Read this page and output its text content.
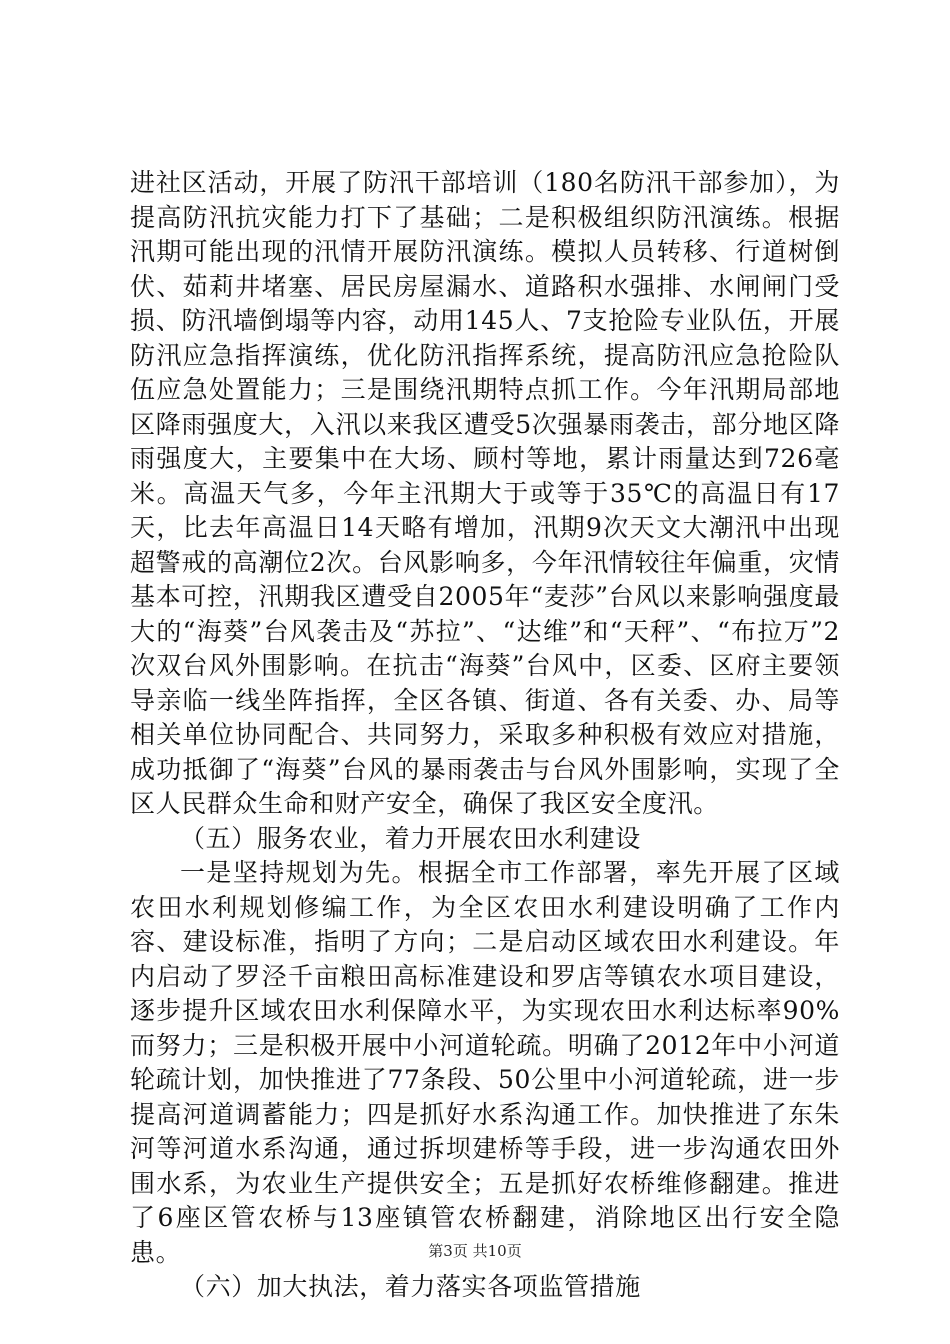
进社区活动，开展了防汛干部培训（180名防汛干部参加），为提高防汛抗灾能力打下了基础；二是积极组织防汛演练。根据汛期可能出现的汛情开展防汛演练。模拟人员转移、行道树倒伏、茹莉井堵塞、居民房屋漏水、道路积水强排、水闸闸门受损、防汛墙倒塌等内容，动用145人、7支抢险专业队伍，开展防汛应急指挥演练，优化防汛指挥系统，提高防汛应急抢险队伍应急处置能力；三是围绕汛期特点抓工作。今年汛期局部地区降雨强度大，入汛以来我区遭受5次强暴雨袭击，部分地区降雨强度大，主要集中在大场、顾村等地，累计雨量达到726毫米。高温天气多，今年主汛期大于或等于35℃的高温日有17天，比去年高温日14天略有增加，汛期9次天文大潮汛中出现超警戒的高潮位2次。台风影响多，今年汛情较往年偏重，灾情基本可控，汛期我区遭受自2005年“麦莎”台风以来影响强度最大的“海葵”台风袭击及“苏拉”、“达维”和“天秤”、“布拉万”2次双台风外围影响。在抗击“海葵”台风中，区委、区府主要领导亲临一线坐阵指挥，全区各镇、街道、各有关委、办、局等相关单位协同配合、共同努力，采取多种积极有效应对措施，成功抵御了“海葵”台风的暴雨袭击与台风外围影响，实现了全区人民群众生命和财产安全，确保了我区安全度汛。

（五）服务农业，着力开展农田水利建设

一是坚持规划为先。根据全市工作部署，率先开展了区域农田水利规划修编工作，为全区农田水利建设明确了工作内容、建设标准，指明了方向；二是启动区域农田水利建设。年内启动了罗泾千亩粮田高标准建设和罗店等镇农水项目建设，逐步提升区域农田水利保障水平，为实现农田水利达标率90%而努力；三是积极开展中小河道轮疏。明确了2012年中小河道轮疏计划，加快推进了77条段、50公里中小河道轮疏，进一步提高河道调蓄能力；四是抓好水系沟通工作。加快推进了东朱河等河道水系沟通，通过拆坝建桥等手段，进一步沟通农田外围水系，为农业生产提供安全；五是抓好农桥维修翻建。推进了6座区管农桥与13座镇管农桥翻建，消除地区出行安全隐患。

（六）加大执法，着力落实各项监管措施

第3页 共10页
